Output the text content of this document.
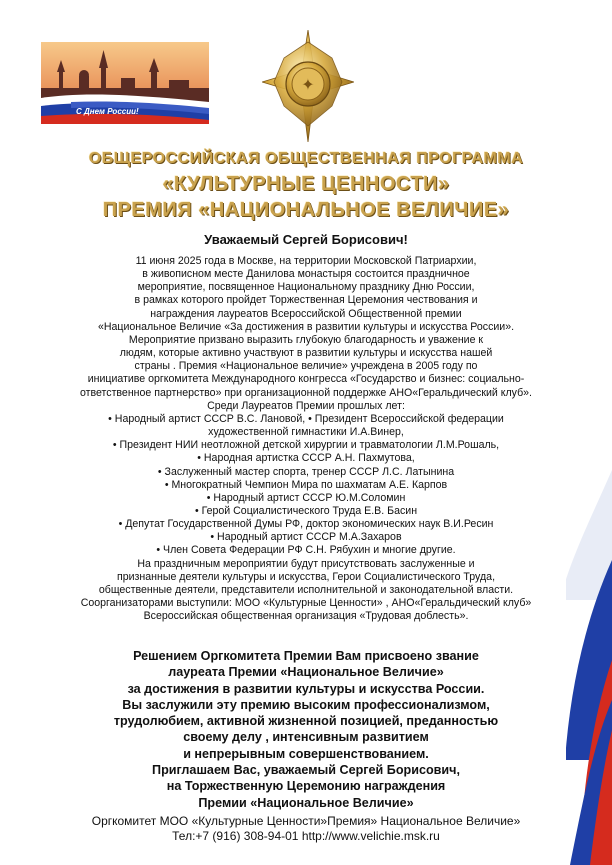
С Днем России!
✦
ОБЩЕРОССИЙСКАЯ ОБЩЕСТВЕННАЯ ПРОГРАММА
«КУЛЬТУРНЫЕ ЦЕННОСТИ»
ПРЕМИЯ «НАЦИОНАЛЬНОЕ ВЕЛИЧИЕ»
Уважаемый Сергей Борисович!
11 июня 2025 года в Москве, на территории Московской Патриархии,
в живописном месте Данилова монастыря состоится праздничное
мероприятие, посвященное Национальному празднику Дню России,
в рамках которого пройдет Торжественная Церемония чествования и
награждения лауреатов Всероссийской Общественной премии
«Национальное Величие «За достижения в развитии культуры и искусства России».
Мероприятие призвано выразить глубокую благодарность и уважение к
людям, которые активно участвуют в развитии культуры и искусства нашей
страны . Премия «Национальное величие» учреждена в 2005 году по
инициативе оргкомитета Международного конгресса «Государство и бизнес: социально-
ответственное партнерство» при организационной поддержке АНО«Геральдический клуб».
Среди Лауреатов Премии прошлых лет:
• Народный артист СССР В.С. Лановой, • Президент Всероссийской федерации
художественной гимнастики И.А.Винер,
• Президент НИИ неотложной детской хирургии и травматологии Л.М.Рошаль,
• Народная артистка СССР А.Н. Пахмутова,
• Заслуженный мастер спорта, тренер СССР Л.С. Латынина
• Многократный Чемпион Мира по шахматам А.Е. Карпов
• Народный артист СССР Ю.М.Соломин
• Герой Социалистического Труда Е.В. Басин
• Депутат Государственной Думы РФ, доктор экономических наук В.И.Ресин
• Народный артист СССР М.А.Захаров
• Член Совета Федерации РФ С.Н. Рябухин и многие другие.
На праздничным мероприятии будут присутствовать заслуженные и
признанные деятели культуры и искусства, Герои Социалистического Труда,
общественные деятели, представители исполнительной и законодательной власти.
Соорганизаторами выступили: МОО «Культурные Ценности» , АНО«Геральдический клуб»
Всероссийская общественная организация «Трудовая доблесть».
Решением Оргкомитета Премии Вам присвоено звание
лауреата Премии «Национальное Величие»
за достижения в развитии культуры и искусства России.
Вы заслужили эту премию высоким профессионализмом,
трудолюбием, активной жизненной позицией, преданностью
своему делу , интенсивным развитием
и непрерывным совершенствованием.
Приглашаем Вас, уважаемый Сергей Борисович,
на Торжественную Церемонию награждения
Премии «Национальное Величие»
Оргкомитет МОО «Культурные Ценности»Премия» Национальное Величие»
Тел:+7 (916) 308-94-01 http://www.velichie.msk.ru
